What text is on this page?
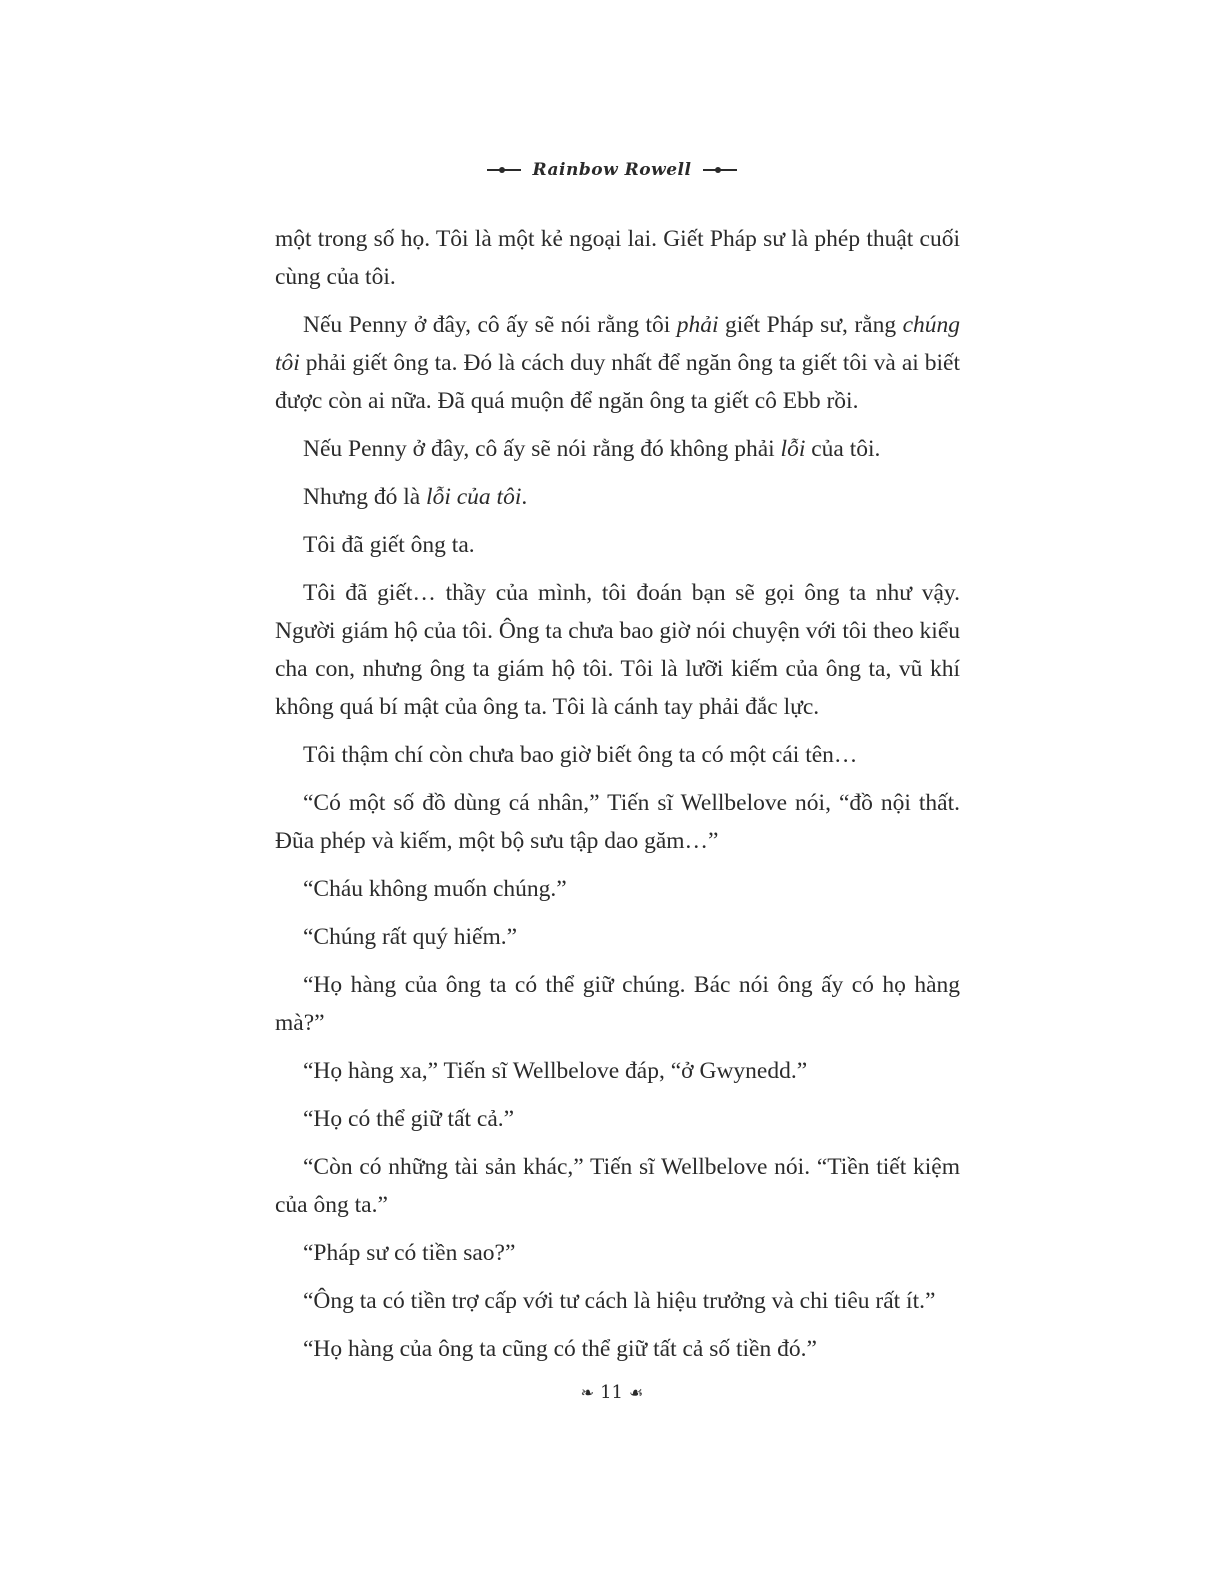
Rainbow Rowell

một trong số họ. Tôi là một kẻ ngoại lai. Giết Pháp sư là phép thuật cuối cùng của tôi.

Nếu Penny ở đây, cô ấy sẽ nói rằng tôi phải giết Pháp sư, rằng chúng tôi phải giết ông ta. Đó là cách duy nhất để ngăn ông ta giết tôi và ai biết được còn ai nữa. Đã quá muộn để ngăn ông ta giết cô Ebb rồi.

Nếu Penny ở đây, cô ấy sẽ nói rằng đó không phải lỗi của tôi.

Nhưng đó là lỗi của tôi.

Tôi đã giết ông ta.

Tôi đã giết… thầy của mình, tôi đoán bạn sẽ gọi ông ta như vậy. Người giám hộ của tôi. Ông ta chưa bao giờ nói chuyện với tôi theo kiểu cha con, nhưng ông ta giám hộ tôi. Tôi là lưỡi kiếm của ông ta, vũ khí không quá bí mật của ông ta. Tôi là cánh tay phải đắc lực.

Tôi thậm chí còn chưa bao giờ biết ông ta có một cái tên…

“Có một số đồ dùng cá nhân,” Tiến sĩ Wellbelove nói, “đồ nội thất. Đũa phép và kiếm, một bộ sưu tập dao găm…”

“Cháu không muốn chúng.”

“Chúng rất quý hiếm.”

“Họ hàng của ông ta có thể giữ chúng. Bác nói ông ấy có họ hàng mà?”

“Họ hàng xa,” Tiến sĩ Wellbelove đáp, “ở Gwynedd.”

“Họ có thể giữ tất cả.”

“Còn có những tài sản khác,” Tiến sĩ Wellbelove nói. “Tiền tiết kiệm của ông ta.”

“Pháp sư có tiền sao?”

“Ông ta có tiền trợ cấp với tư cách là hiệu trưởng và chi tiêu rất ít.”

“Họ hàng của ông ta cũng có thể giữ tất cả số tiền đó.”

❧ 11 ☙
